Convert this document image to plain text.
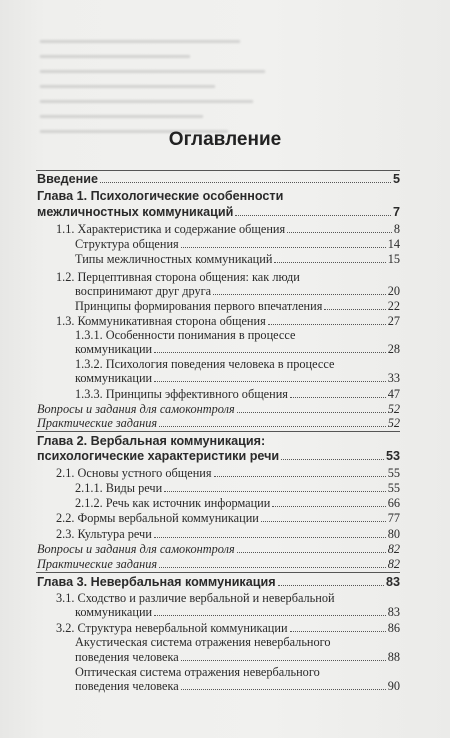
Оглавление
Введение	5
Глава 1. Психологические особенности
межличностных коммуникаций	7
1.1. Характеристика и содержание общения	8
Структура общения	14
Типы межличностных коммуникаций	15
1.2. Перцептивная сторона общения: как люди
воспринимают друг друга	20
Принципы формирования первого впечатления	22
1.3. Коммуникативная сторона общения	27
1.3.1. Особенности понимания в процессе
коммуникации	28
1.3.2. Психология поведения человека в процессе
коммуникации	33
1.3.3. Принципы эффективного общения	47
Вопросы и задания для самоконтроля	52
Практические задания	52
Глава 2. Вербальная коммуникация:
психологические характеристики речи	53
2.1. Основы устного общения	55
2.1.1. Виды речи	55
2.1.2. Речь как источник информации	66
2.2. Формы вербальной коммуникации	77
2.3. Культура речи	80
Вопросы и задания для самоконтроля	82
Практические задания	82
Глава 3. Невербальная коммуникация	83
3.1. Сходство и различие вербальной и невербальной
коммуникации	83
3.2. Структура невербальной коммуникации	86
Акустическая система отражения невербального
поведения человека	88
Оптическая система отражения невербального
поведения человека	90
